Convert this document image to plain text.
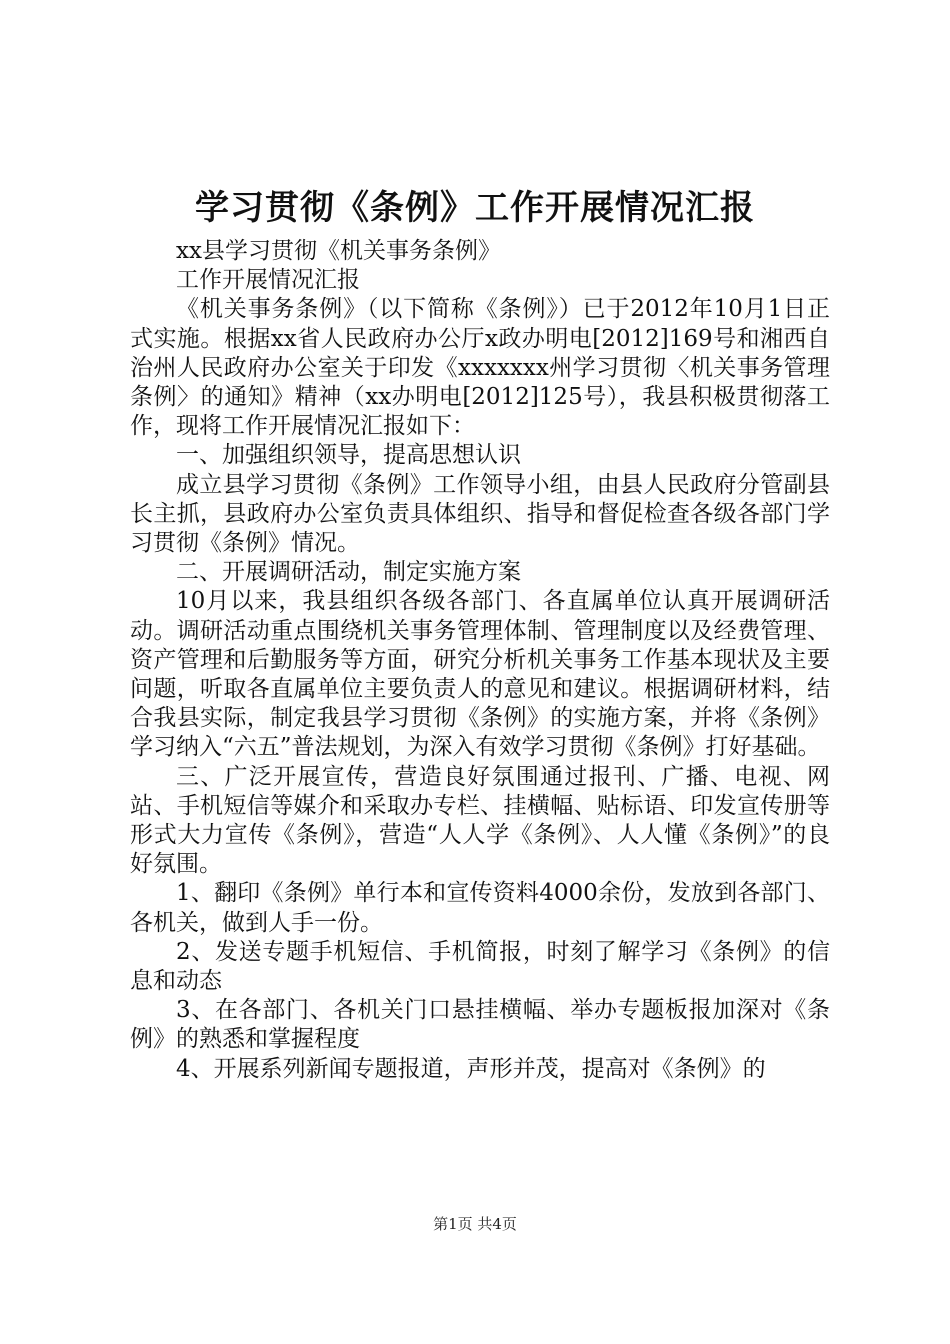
学习贯彻《条例》工作开展情况汇报

xx县学习贯彻《机关事务条例》

工作开展情况汇报

《机关事务条例》（以下简称《条例》）已于2012年10月1日正式实施。根据xx省人民政府办公厅x政办明电[2012]169号和湘西自治州人民政府办公室关于印发《xxxxxxx州学习贯彻〈机关事务管理条例〉的通知》精神（xx办明电[2012]125号），我县积极贯彻落工作，现将工作开展情况汇报如下：

一、加强组织领导，提高思想认识

成立县学习贯彻《条例》工作领导小组，由县人民政府分管副县长主抓，县政府办公室负责具体组织、指导和督促检查各级各部门学习贯彻《条例》情况。

二、开展调研活动，制定实施方案

10月以来，我县组织各级各部门、各直属单位认真开展调研活动。调研活动重点围绕机关事务管理体制、管理制度以及经费管理、资产管理和后勤服务等方面，研究分析机关事务工作基本现状及主要问题，听取各直属单位主要负责人的意见和建议。根据调研材料，结合我县实际，制定我县学习贯彻《条例》的实施方案，并将《条例》学习纳入“六五”普法规划，为深入有效学习贯彻《条例》打好基础。

三、广泛开展宣传，营造良好氛围通过报刊、广播、电视、网站、手机短信等媒介和采取办专栏、挂横幅、贴标语、印发宣传册等形式大力宣传《条例》，营造“人人学《条例》、人人懂《条例》”的良好氛围。

1、翻印《条例》单行本和宣传资料4000余份，发放到各部门、各机关，做到人手一份。

2、发送专题手机短信、手机简报，时刻了解学习《条例》的信息和动态

3、在各部门、各机关门口悬挂横幅、举办专题板报加深对《条例》的熟悉和掌握程度

4、开展系列新闻专题报道，声形并茂，提高对《条例》的

第1页 共4页
